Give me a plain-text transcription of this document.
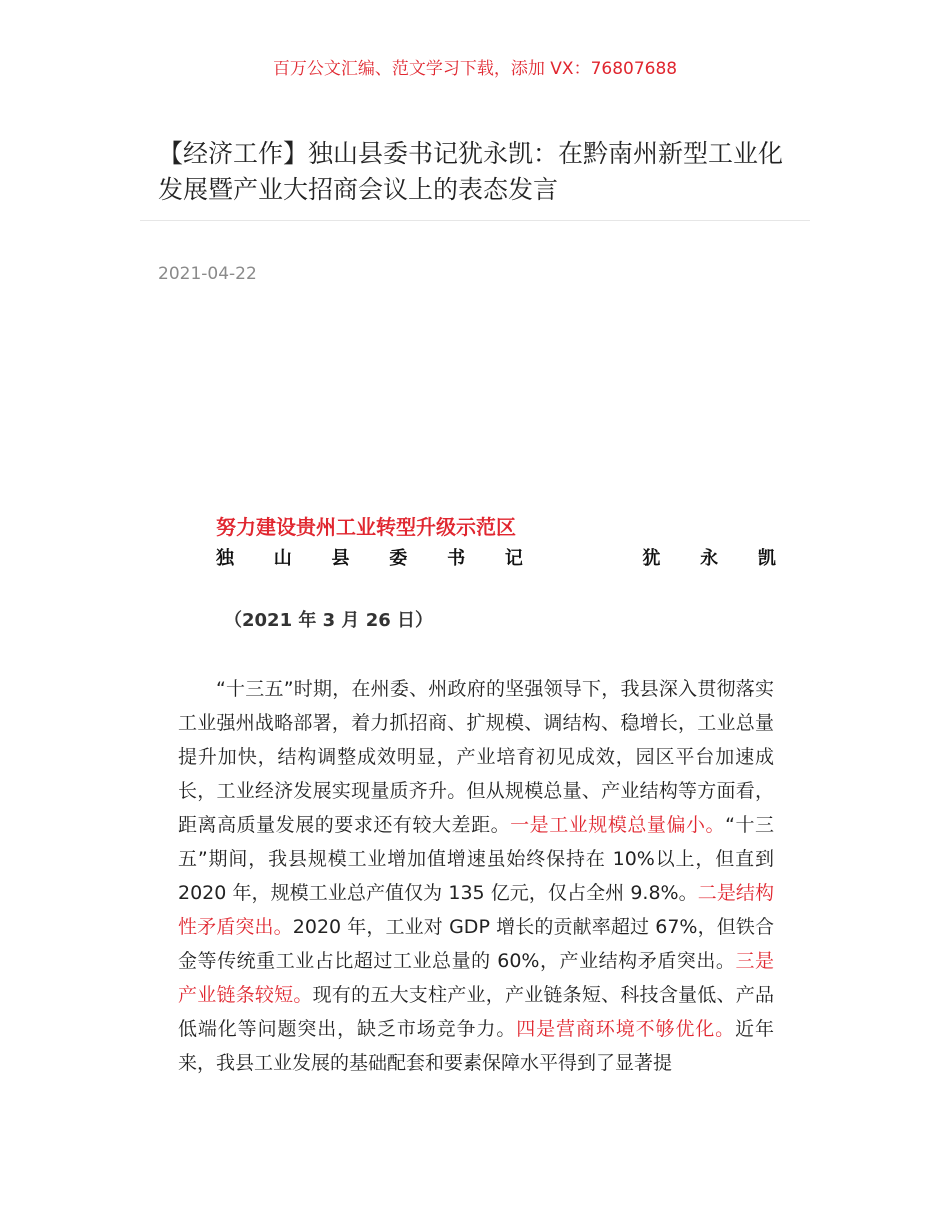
百万公文汇编、范文学习下载，添加 VX：76807688
【经济工作】独山县委书记犹永凯：在黔南州新型工业化发展暨产业大招商会议上的表态发言
2021-04-22
努力建设贵州工业转型升级示范区
独 山 县 委 书 记	犹 永 凯
（2021 年 3 月 26 日）

“十三五”时期，在州委、州政府的坚强领导下，我县深入贯彻落实工业强州战略部署，着力抓招商、扩规模、调结构、稳增长，工业总量提升加快，结构调整成效明显，产业培育初见成效，园区平台加速成长，工业经济发展实现量质齐升。但从规模总量、产业结构等方面看，距离高质量发展的要求还有较大差距。一是工业规模总量偏小。“十三五”期间，我县规模工业增加值增速虽始终保持在 10%以上，但直到 2020 年，规模工业总产值仅为 135 亿元，仅占全州 9.8%。二是结构性矛盾突出。2020 年，工业对 GDP 增长的贡献率超过 67%，但铁合金等传统重工业占比超过工业总量的 60%，产业结构矛盾突出。三是产业链条较短。现有的五大支柱产业，产业链条短、科技含量低、产品低端化等问题突出，缺乏市场竞争力。四是营商环境不够优化。近年来，我县工业发展的基础配套和要素保障水平得到了显著提
